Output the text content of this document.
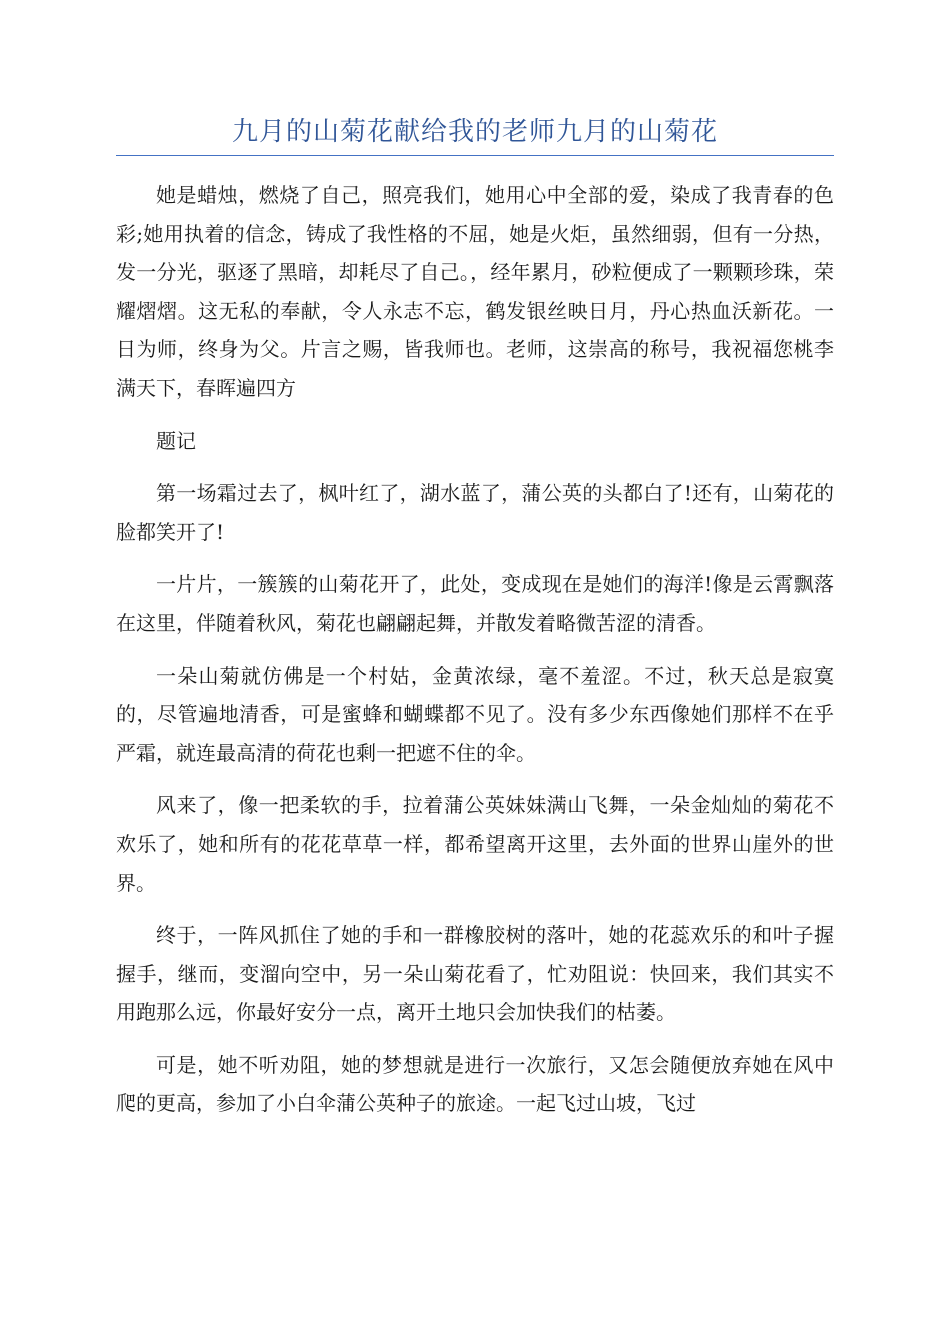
九月的山菊花献给我的老师九月的山菊花

她是蜡烛，燃烧了自己，照亮我们，她用心中全部的爱，染成了我青春的色彩;她用执着的信念，铸成了我性格的不屈，她是火炬，虽然细弱，但有一分热，发一分光，驱逐了黑暗，却耗尽了自己。，经年累月，砂粒便成了一颗颗珍珠，荣耀熠熠。这无私的奉献，令人永志不忘，鹤发银丝映日月，丹心热血沃新花。一日为师，终身为父。片言之赐，皆我师也。老师，这崇高的称号，我祝福您桃李满天下，春晖遍四方

题记

第一场霜过去了，枫叶红了，湖水蓝了，蒲公英的头都白了!还有，山菊花的脸都笑开了!

一片片，一簇簇的山菊花开了，此处，变成现在是她们的海洋!像是云霄飘落在这里，伴随着秋风，菊花也翩翩起舞，并散发着略微苦涩的清香。

一朵山菊就仿佛是一个村姑，金黄浓绿，毫不羞涩。不过，秋天总是寂寞的，尽管遍地清香，可是蜜蜂和蝴蝶都不见了。没有多少东西像她们那样不在乎严霜，就连最高清的荷花也剩一把遮不住的伞。

风来了，像一把柔软的手，拉着蒲公英妹妹满山飞舞，一朵金灿灿的菊花不欢乐了，她和所有的花花草草一样，都希望离开这里，去外面的世界山崖外的世界。

终于，一阵风抓住了她的手和一群橡胶树的落叶，她的花蕊欢乐的和叶子握握手，继而，变溜向空中，另一朵山菊花看了，忙劝阻说：快回来，我们其实不用跑那么远，你最好安分一点，离开土地只会加快我们的枯萎。

可是，她不听劝阻，她的梦想就是进行一次旅行，又怎会随便放弃她在风中爬的更高，参加了小白伞蒲公英种子的旅途。一起飞过山坡，飞过
